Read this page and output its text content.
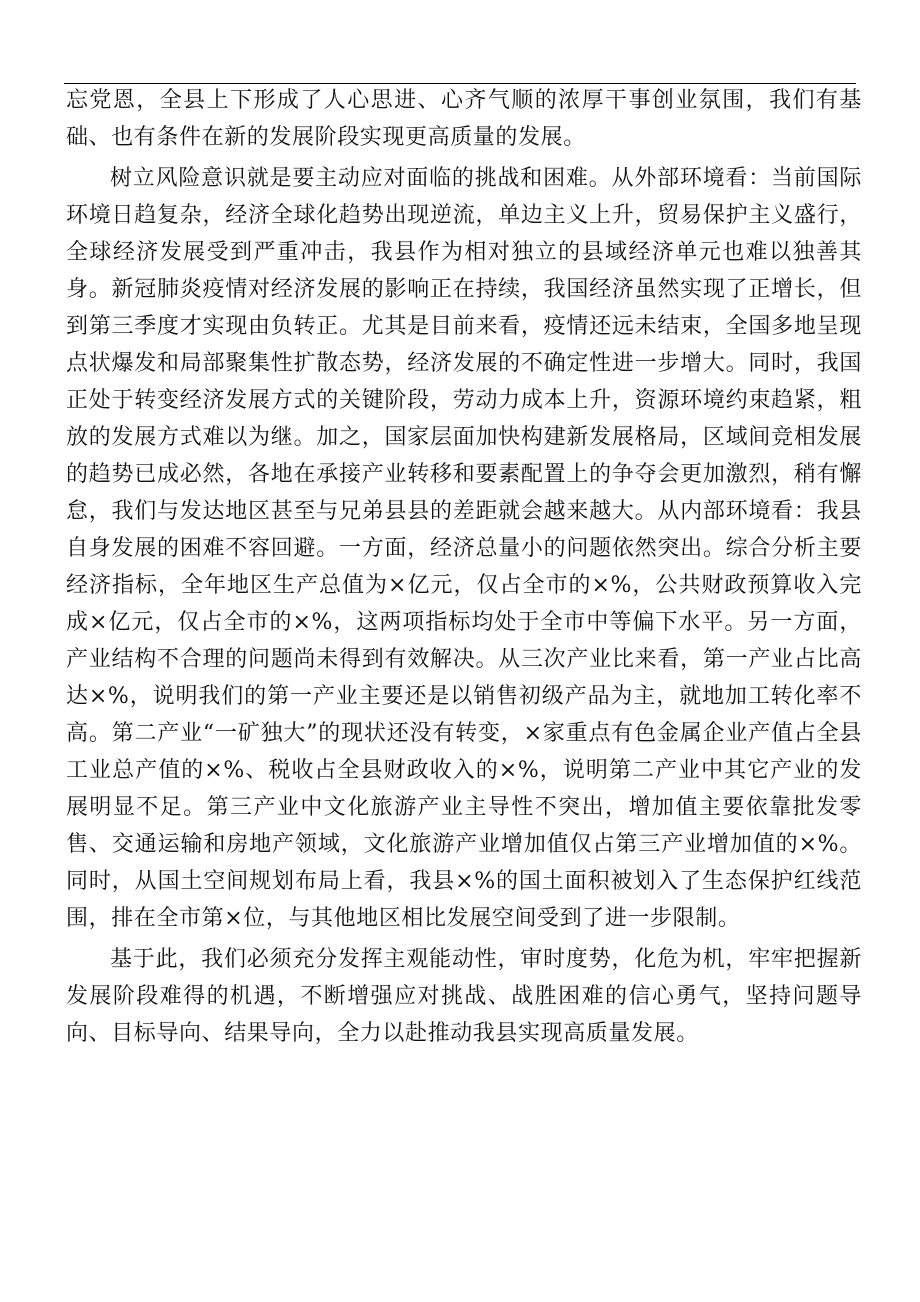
忘党恩，全县上下形成了人心思进、心齐气顺的浓厚干事创业氛围，我们有基础、也有条件在新的发展阶段实现更高质量的发展。

树立风险意识就是要主动应对面临的挑战和困难。从外部环境看：当前国际环境日趋复杂，经济全球化趋势出现逆流，单边主义上升，贸易保护主义盛行，全球经济发展受到严重冲击，我县作为相对独立的县域经济单元也难以独善其身。新冠肺炎疫情对经济发展的影响正在持续，我国经济虽然实现了正增长，但到第三季度才实现由负转正。尤其是目前来看，疫情还远未结束，全国多地呈现点状爆发和局部聚集性扩散态势，经济发展的不确定性进一步增大。同时，我国正处于转变经济发展方式的关键阶段，劳动力成本上升，资源环境约束趋紧，粗放的发展方式难以为继。加之，国家层面加快构建新发展格局，区域间竞相发展的趋势已成必然，各地在承接产业转移和要素配置上的争夺会更加激烈，稍有懈怠，我们与发达地区甚至与兄弟县县的差距就会越来越大。从内部环境看：我县自身发展的困难不容回避。一方面，经济总量小的问题依然突出。综合分析主要经济指标，全年地区生产总值为×亿元，仅占全市的×%，公共财政预算收入完成×亿元，仅占全市的×%，这两项指标均处于全市中等偏下水平。另一方面，产业结构不合理的问题尚未得到有效解决。从三次产业比来看，第一产业占比高达×%，说明我们的第一产业主要还是以销售初级产品为主，就地加工转化率不高。第二产业“一矿独大”的现状还没有转变，×家重点有色金属企业产值占全县工业总产值的×%、税收占全县财政收入的×%，说明第二产业中其它产业的发展明显不足。第三产业中文化旅游产业主导性不突出，增加值主要依靠批发零售、交通运输和房地产领域，文化旅游产业增加值仅占第三产业增加值的×%。同时，从国土空间规划布局上看，我县×%的国土面积被划入了生态保护红线范围，排在全市第×位，与其他地区相比发展空间受到了进一步限制。

基于此，我们必须充分发挥主观能动性，审时度势，化危为机，牢牢把握新发展阶段难得的机遇，不断增强应对挑战、战胜困难的信心勇气，坚持问题导向、目标导向、结果导向，全力以赴推动我县实现高质量发展。
